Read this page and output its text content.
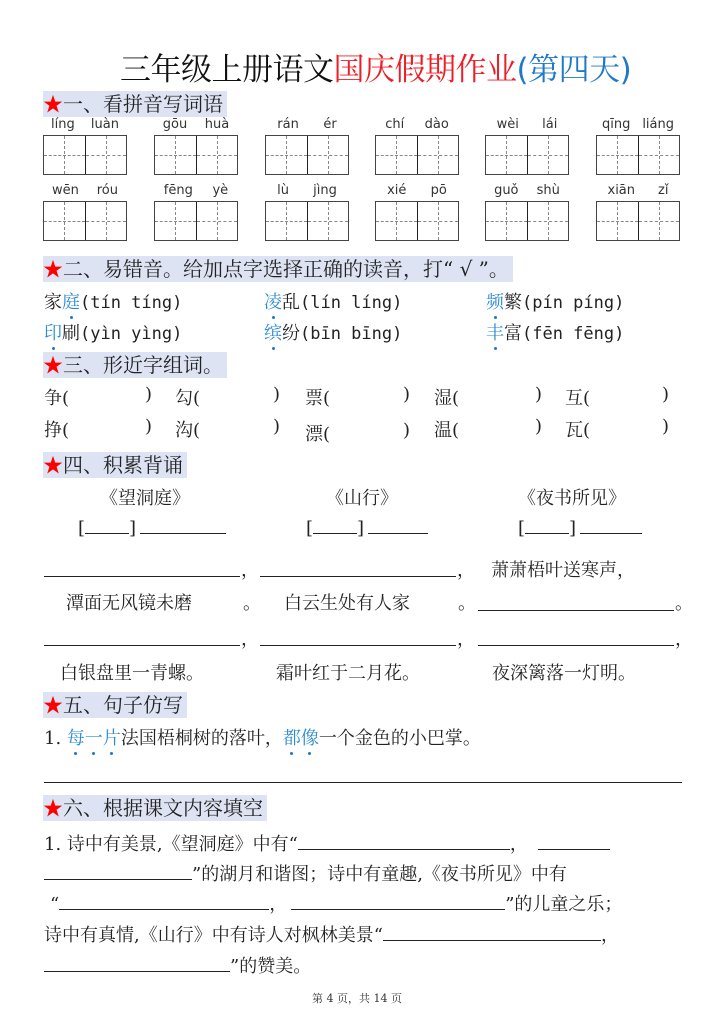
三年级上册语文国庆假期作业(第四天)
★一、看拼音写词语
líng luàn	gōu huà	rán ér	chí dào	wèi lái	qīng liáng
wēn róu	fēng yè	lù jìng	xié pō	guǒ shù	xiān zǐ
★二、易错音。给加点字选择正确的读音，打“ √ ”。
家庭(tín tíng)	凌乱(lín líng)	频繁(pín píng)
印刷(yìn yìng)	缤纷(bīn bīng)	丰富(fēn fēng)
★三、形近字组词。
争(	) 勾(	) 票(	) 湿(	) 互(	)
挣(	) 沟(	) 漂(	) 温(	) 瓦(	)
★四、积累背诵
《望洞庭》	《山行》	《夜书所见》
[ ]	[ ]	[ ]
，	， 萧萧梧叶送寒声，
潭面无风镜未磨	。 白云生处有人家	。	。
，	，	，
白银盘里一青螺。	霜叶红于二月花。	夜深篱落一灯明。
★五、句子仿写
1. 每一片法国梧桐树的落叶，都像一个金色的小巴掌。
★六、根据课文内容填空
1. 诗中有美景,《望洞庭》中有“	，
”的湖月和谐图；诗中有童趣,《夜书所见》中有
“	，	”的儿童之乐；
诗中有真情,《山行》中有诗人对枫林美景“	，
”的赞美。
第 4 页，共 14 页
